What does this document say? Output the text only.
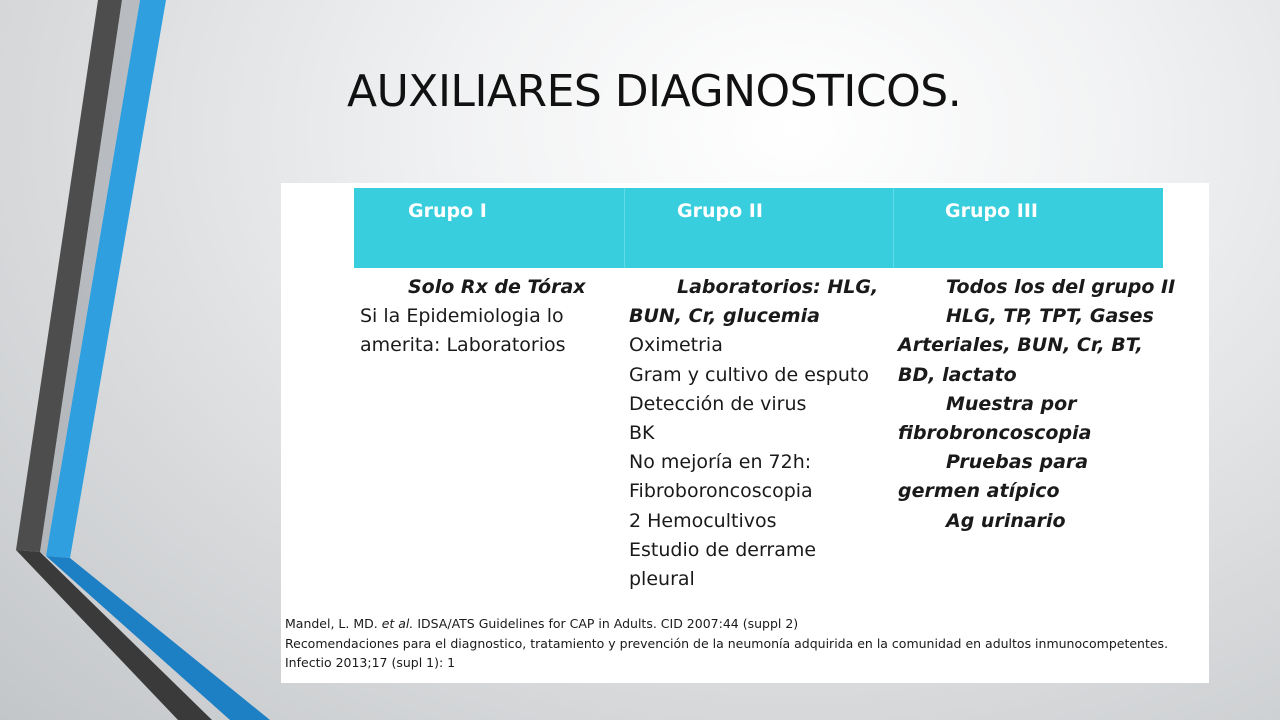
AUXILIARES DIAGNOSTICOS.
Grupo I	Grupo II	Grupo III
Solo Rx de Tórax
Si la Epidemiologia lo
amerita: Laboratorios
Laboratorios: HLG,
BUN, Cr, glucemia
Oximetria
Gram y cultivo de esputo
Detección de virus
BK
No mejoría en 72h:
Fibroboroncoscopia
2 Hemocultivos
Estudio de derrame
pleural
Todos los del grupo II
HLG, TP, TPT, Gases
Arteriales, BUN, Cr, BT,
BD, lactato
Muestra por
fibrobroncoscopia
Pruebas para
germen atípico
Ag urinario
Mandel, L. MD. et al. IDSA/ATS Guidelines for CAP in Adults. CID 2007:44 (suppl 2)
Recomendaciones para el diagnostico, tratamiento y prevención de la neumonía adquirida en la comunidad en adultos inmunocompetentes.
Infectio 2013;17 (supl 1): 1
